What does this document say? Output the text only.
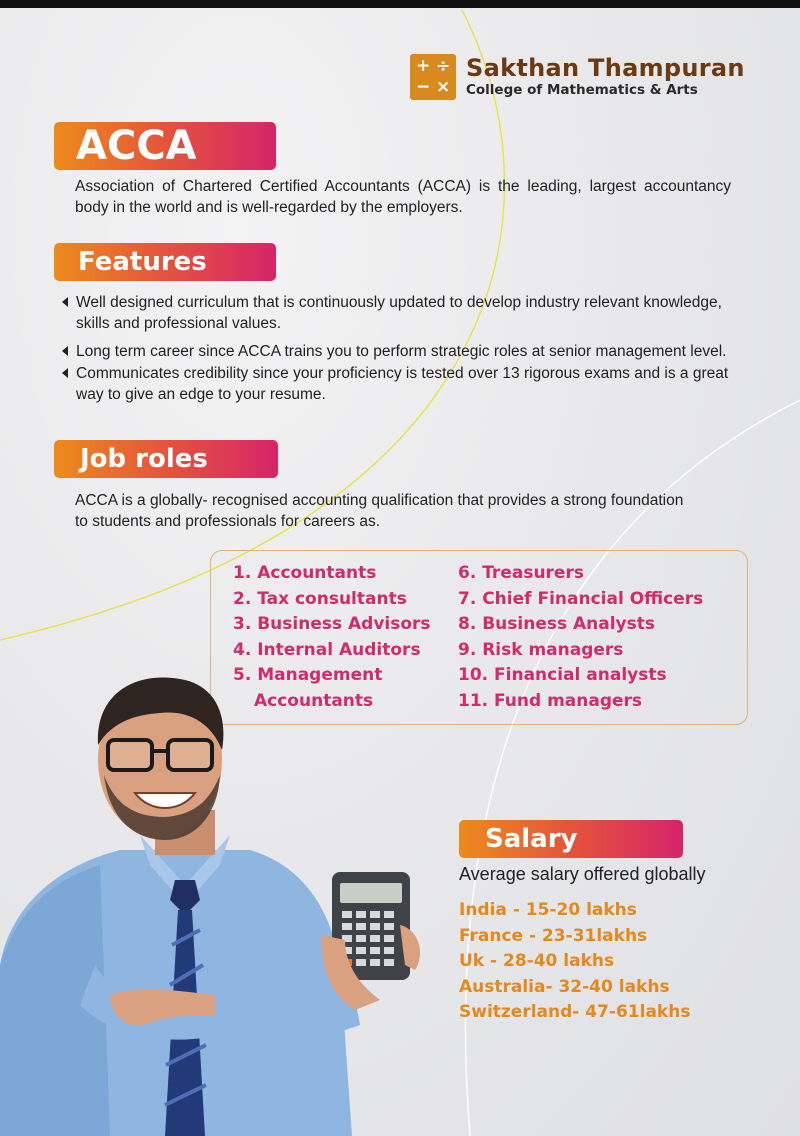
+ ÷
− ×
Sakthan Thampuran
College of Mathematics & Arts
ACCA
Association of Chartered Certified Accountants (ACCA) is the leading, largest accountancy body in the world and is well-regarded by the employers.
Features
Well designed curriculum that is continuously updated to develop industry relevant knowledge, skills and professional values.
Long term career since ACCA trains you to perform strategic roles at senior management level.
Communicates credibility since your proficiency is tested over 13 rigorous exams and is a great way to give an edge to your resume.
Job roles
ACCA is a globally- recognised accounting qualification that provides a strong foundation to students and professionals for careers as.
1. Accountants
2. Tax consultants
3. Business Advisors
4. Internal Auditors
5. Management
Accountants
6. Treasurers
7. Chief Financial Officers
8. Business Analysts
9. Risk managers
10. Financial analysts
11. Fund managers
Salary
Average salary offered globally
India - 15-20 lakhs
France - 23-31lakhs
Uk - 28-40 lakhs
Australia- 32-40 lakhs
Switzerland- 47-61lakhs
